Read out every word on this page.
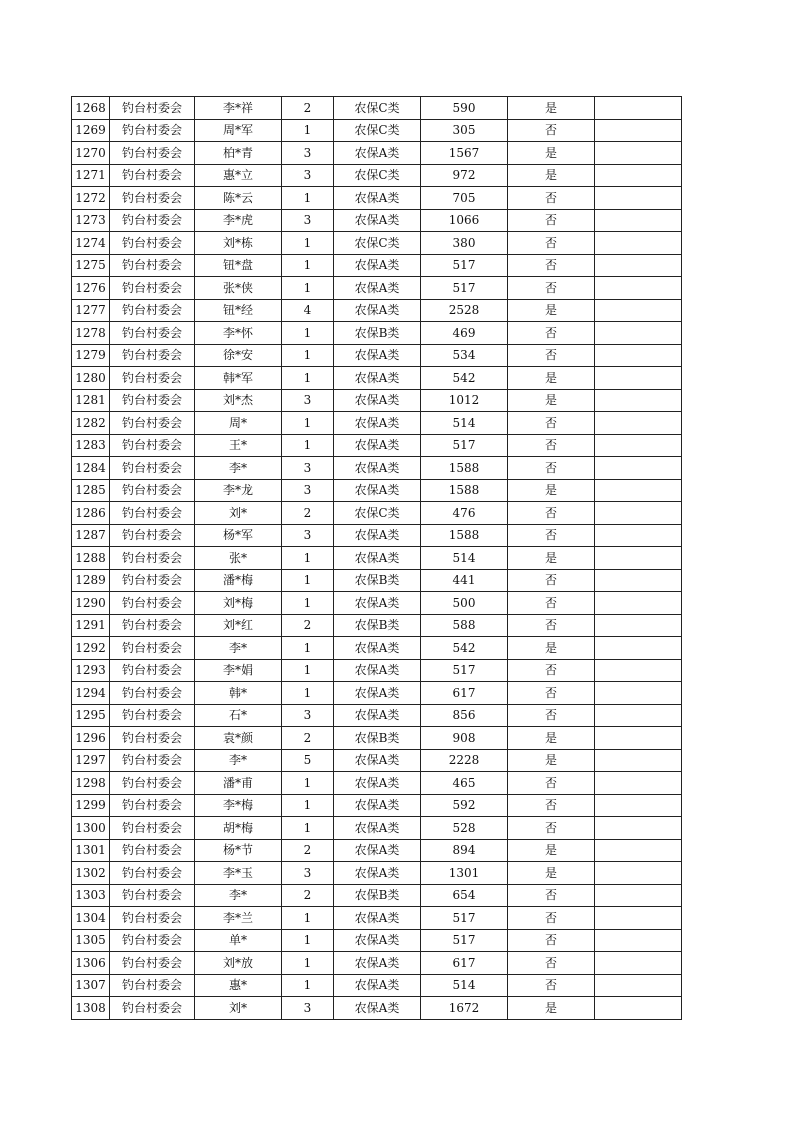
1268	钓台村委会	李*祥	2	农保C类	590	是	
1269	钓台村委会	周*军	1	农保C类	305	否	
1270	钓台村委会	柏*青	3	农保A类	1567	是	
1271	钓台村委会	惠*立	3	农保C类	972	是	
1272	钓台村委会	陈*云	1	农保A类	705	否	
1273	钓台村委会	李*虎	3	农保A类	1066	否	
1274	钓台村委会	刘*栋	1	农保C类	380	否	
1275	钓台村委会	钮*盘	1	农保A类	517	否	
1276	钓台村委会	张*侠	1	农保A类	517	否	
1277	钓台村委会	钮*经	4	农保A类	2528	是	
1278	钓台村委会	李*怀	1	农保B类	469	否	
1279	钓台村委会	徐*安	1	农保A类	534	否	
1280	钓台村委会	韩*军	1	农保A类	542	是	
1281	钓台村委会	刘*杰	3	农保A类	1012	是	
1282	钓台村委会	周*	1	农保A类	514	否	
1283	钓台村委会	王*	1	农保A类	517	否	
1284	钓台村委会	李*	3	农保A类	1588	否	
1285	钓台村委会	李*龙	3	农保A类	1588	是	
1286	钓台村委会	刘*	2	农保C类	476	否	
1287	钓台村委会	杨*军	3	农保A类	1588	否	
1288	钓台村委会	张*	1	农保A类	514	是	
1289	钓台村委会	潘*梅	1	农保B类	441	否	
1290	钓台村委会	刘*梅	1	农保A类	500	否	
1291	钓台村委会	刘*红	2	农保B类	588	否	
1292	钓台村委会	李*	1	农保A类	542	是	
1293	钓台村委会	李*娟	1	农保A类	517	否	
1294	钓台村委会	韩*	1	农保A类	617	否	
1295	钓台村委会	石*	3	农保A类	856	否	
1296	钓台村委会	袁*颜	2	农保B类	908	是	
1297	钓台村委会	李*	5	农保A类	2228	是	
1298	钓台村委会	潘*甫	1	农保A类	465	否	
1299	钓台村委会	李*梅	1	农保A类	592	否	
1300	钓台村委会	胡*梅	1	农保A类	528	否	
1301	钓台村委会	杨*节	2	农保A类	894	是	
1302	钓台村委会	李*玉	3	农保A类	1301	是	
1303	钓台村委会	李*	2	农保B类	654	否	
1304	钓台村委会	李*兰	1	农保A类	517	否	
1305	钓台村委会	单*	1	农保A类	517	否	
1306	钓台村委会	刘*放	1	农保A类	617	否	
1307	钓台村委会	惠*	1	农保A类	514	否	
1308	钓台村委会	刘*	3	农保A类	1672	是	
